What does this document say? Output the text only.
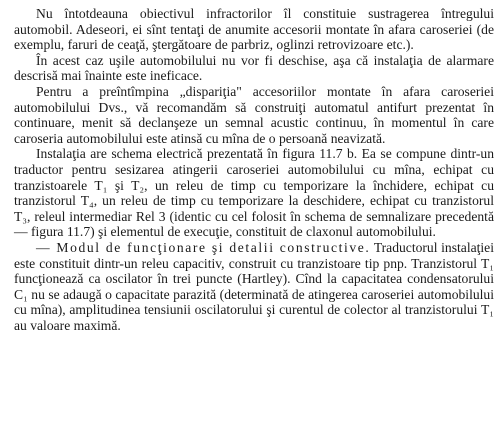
Nu întotdeauna obiectivul infractorilor îl constituie sustragerea întregului automobil. Adeseori, ei sînt tentaţi de anumite accesorii montate în afara caroseriei (de exemplu, faruri de ceaţă, ştergătoare de parbriz, oglinzi retrovizoare etc.).

În acest caz uşile automobilului nu vor fi deschise, aşa că instalaţia de alarmare descrisă mai înainte este ineficace.

Pentru a preîntîmpina „dispariţia" accesoriilor montate în afara caroseriei automobilului Dvs., vă recomandăm să construiţi automatul antifurt prezentat în continuare, menit să declanşeze un semnal acustic continuu, în momentul în care caroseria automobilului este atinsă cu mîna de o persoană neavizată.

Instalaţia are schema electrică prezentată în figura 11.7 b. Ea se compune dintr-un traductor pentru sesizarea atingerii caroseriei automobilului cu mîna, echipat cu tranzistoarele T₁ şi T₂, un releu de timp cu temporizare la închidere, echipat cu tranzistorul T₄, un releu de timp cu temporizare la deschidere, echipat cu tranzistorul T₃, releul intermediar Rel 3 (identic cu cel folosit în schema de semnalizare precedentă — figura 11.7) şi elementul de execuţie, constituit de claxonul automobilului.

— Modul de funcţionare şi detalii constructive. Traductorul instalaţiei este constituit dintr-un releu capacitiv, construit cu tranzistoare tip pnp. Tranzistorul T₁ funcţionează ca oscilator în trei puncte (Hartley). Cînd la capacitatea condensatorului C₁ nu se adaugă o capacitate parazită (determinată de atingerea caroseriei automobilului cu mîna), amplitudinea tensiunii oscilatorului şi curentul de colector al tranzistorului T₁ au valoare maximă.
